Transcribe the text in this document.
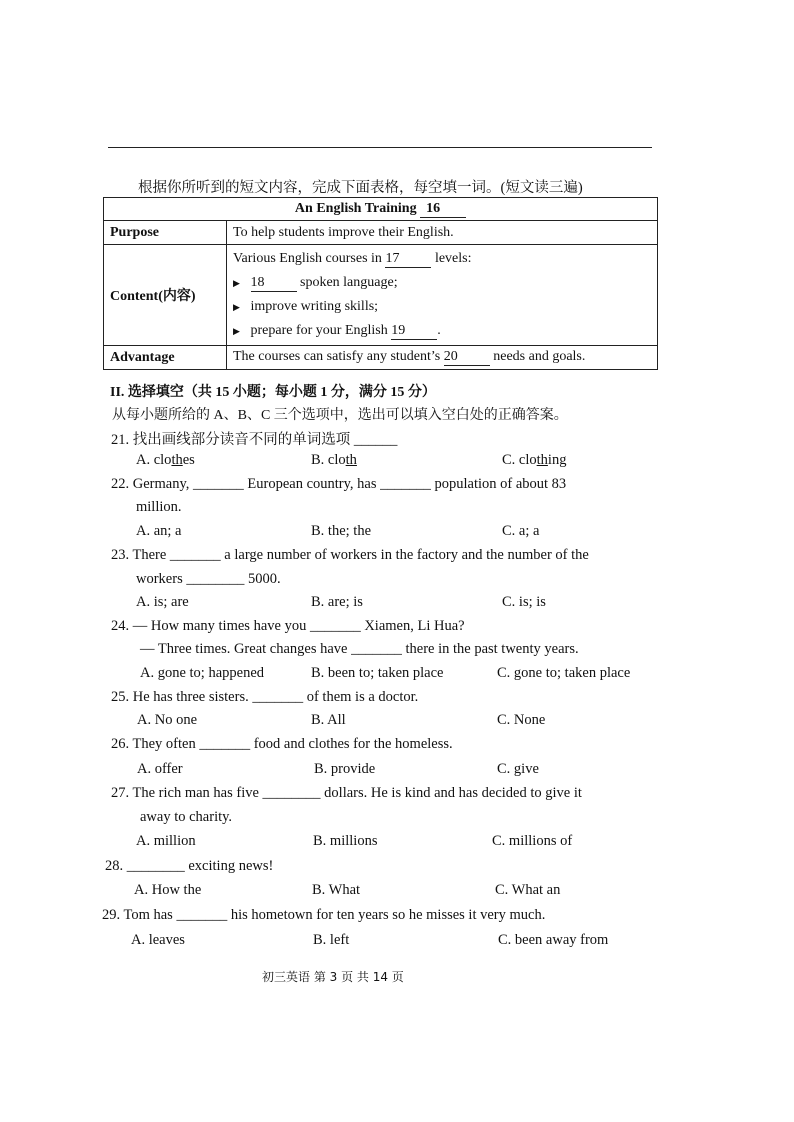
根据你所听到的短文内容，完成下面表格，每空填一词。(短文读三遍)
An English Training 16	
Purpose	To help students improve their English.
Content(内容)	Various English courses in 17 levels:
▶ 18 spoken language;
▶ improve writing skills;
▶ prepare for your English 19 .

Advantage	The courses can satisfy any student’s 20 needs and goals.
II. 选择填空（共 15 小题；每小题 1 分，满分 15 分）
从每小题所给的 A、B、C 三个选项中，选出可以填入空白处的正确答案。
21. 找出画线部分读音不同的单词选项 ______
A. clothes	B. cloth	C. clothing
22. Germany, _______ European country, has _______ population of about 83
million.
A. an; a	B. the; the	C. a; a
23. There _______ a large number of workers in the factory and the number of the
workers ________ 5000.
A. is; are	B. are; is	C. is; is
24. — How many times have you _______ Xiamen, Li Hua?
— Three times. Great changes have _______ there in the past twenty years.
A. gone to; happened	B. been to; taken place	C. gone to; taken place
25. He has three sisters. _______ of them is a doctor.
A. No one	B. All	C. None
26. They often _______ food and clothes for the homeless.
A. offer	B. provide	C. give
27. The rich man has five ________ dollars. He is kind and has decided to give it
away to charity.
A. million	B. millions	C. millions of
28. ________ exciting news!
A. How the	B. What	C. What an
29. Tom has _______ his hometown for ten years so he misses it very much.
A. leaves	B. left	C. been away from
初三英语 第 3 页 共 14 页
